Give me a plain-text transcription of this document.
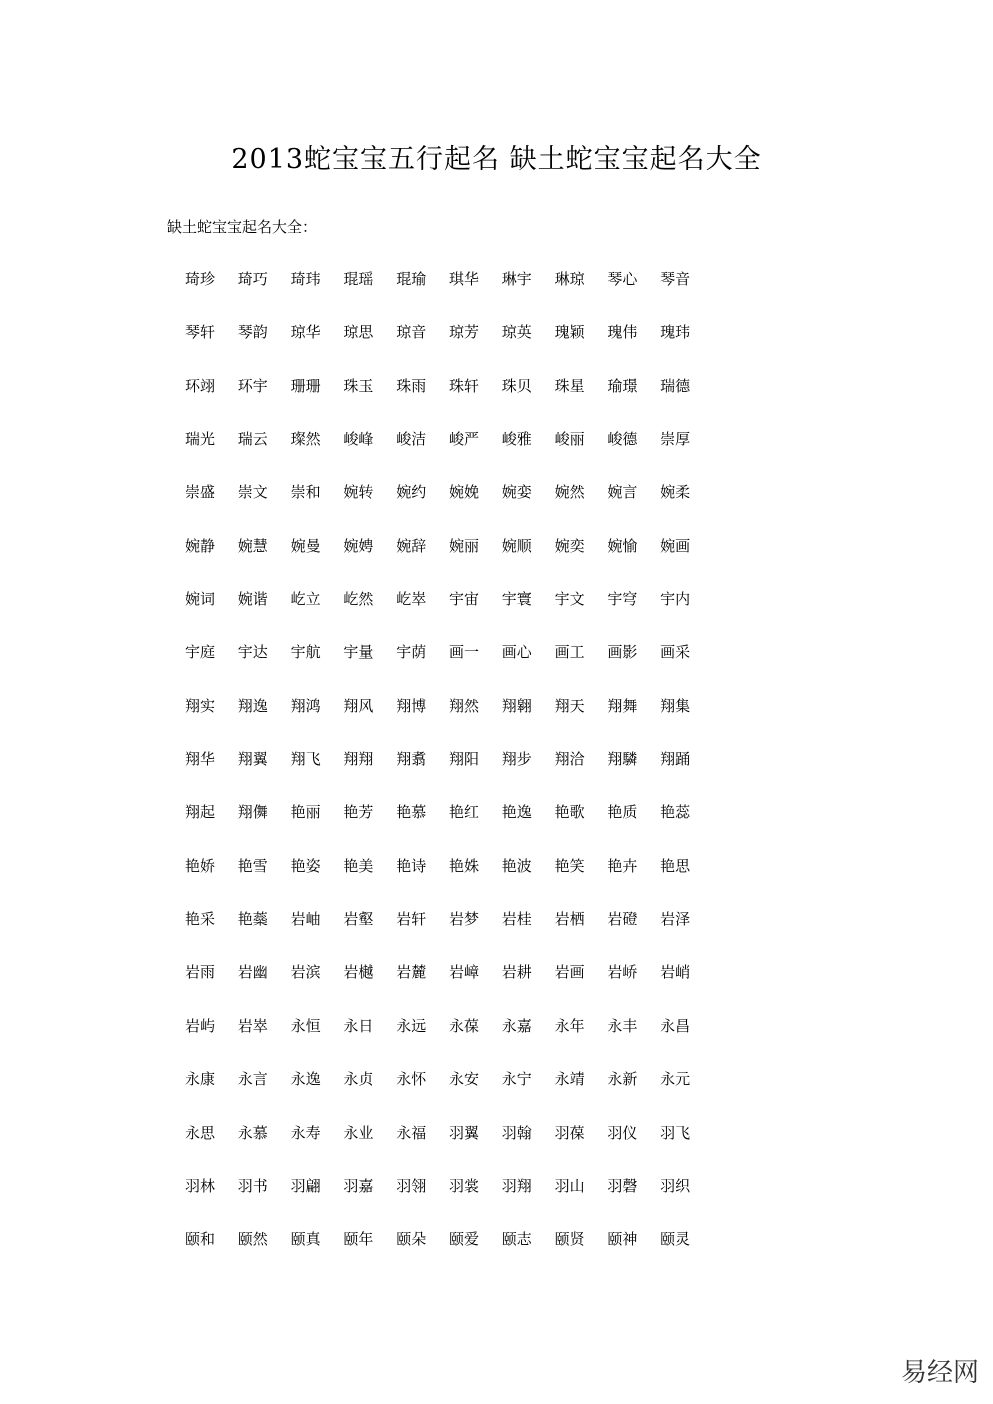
2013蛇宝宝五行起名 缺土蛇宝宝起名大全
缺土蛇宝宝起名大全：
琦珍	琦巧	琦玮	琨瑶	琨瑜	琪华	琳宇	琳琼	琴心	琴音
琴轩	琴韵	琼华	琼思	琼音	琼芳	琼英	瑰颖	瑰伟	瑰玮
环翊	环宇	珊珊	珠玉	珠雨	珠轩	珠贝	珠星	瑜璟	瑞德
瑞光	瑞云	璨然	峻峰	峻洁	峻严	峻雅	峻丽	峻德	崇厚
崇盛	崇文	崇和	婉转	婉约	婉娩	婉娈	婉然	婉言	婉柔
婉静	婉慧	婉曼	婉娉	婉辞	婉丽	婉顺	婉奕	婉愉	婉画
婉词	婉谐	屹立	屹然	屹崒	宇宙	宇寰	宇文	宇穹	宇内
宇庭	宇达	宇航	宇量	宇荫	画一	画心	画工	画影	画采
翔实	翔逸	翔鸿	翔风	翔博	翔然	翔翱	翔天	翔舞	翔集
翔华	翔翼	翔飞	翔翔	翔翥	翔阳	翔步	翔洽	翔驎	翔踊
翔起	翔儛	艳丽	艳芳	艳慕	艳红	艳逸	艳歌	艳质	艳蕊
艳娇	艳雪	艳姿	艳美	艳诗	艳姝	艳波	艳笑	艳卉	艳思
艳采	艳蘂	岩岫	岩壑	岩轩	岩梦	岩桂	岩栖	岩磴	岩泽
岩雨	岩幽	岩滨	岩樾	岩麓	岩嶂	岩耕	岩画	岩峤	岩峭
岩屿	岩崒	永恒	永日	永远	永葆	永嘉	永年	永丰	永昌
永康	永言	永逸	永贞	永怀	永安	永宁	永靖	永新	永元
永思	永慕	永寿	永业	永福	羽翼	羽翰	羽葆	羽仪	羽飞
羽林	羽书	羽翩	羽嘉	羽翎	羽裳	羽翔	羽山	羽磬	羽织
颐和	颐然	颐真	颐年	颐朵	颐爱	颐志	颐贤	颐神	颐灵
易经网
